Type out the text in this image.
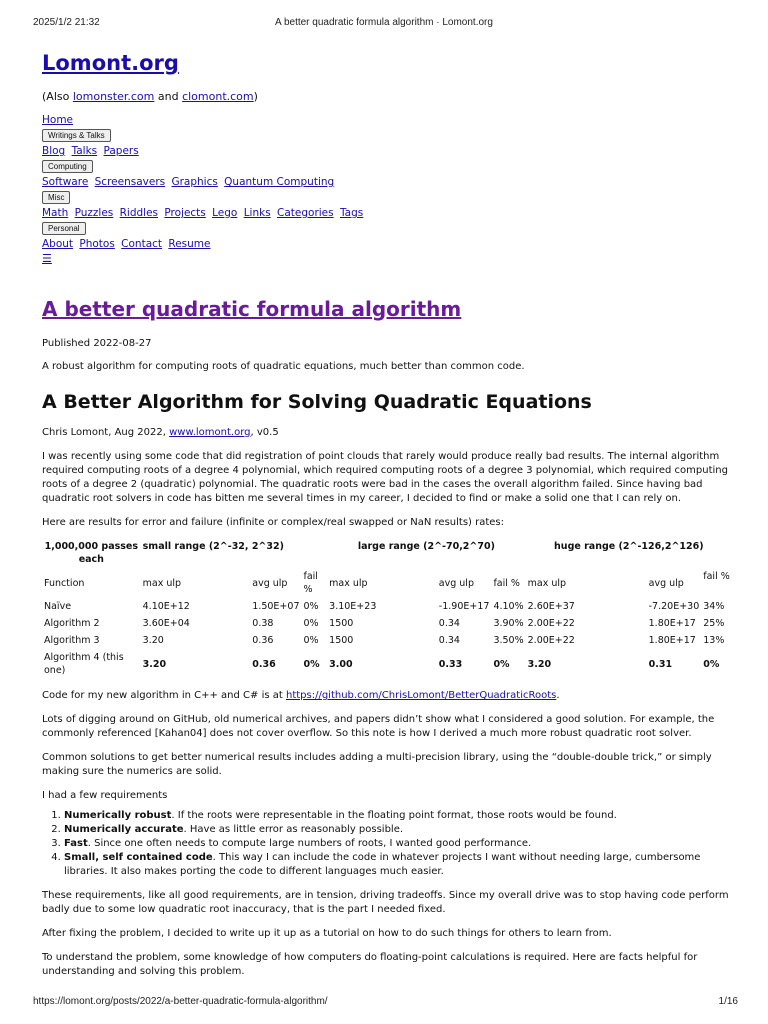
2025/1/2 21:32	A better quadratic formula algorithm · Lomont.org
Lomont.org
(Also lomonster.com and clomont.com)
Home
Writings & Talks
Blog Talks Papers
Computing
Software Screensavers Graphics Quantum Computing
Misc
Math Puzzles Riddles Projects Lego Links Categories Tags
Personal
About Photos Contact Resume
☰
A better quadratic formula algorithm
Published 2022-08-27
A robust algorithm for computing roots of quadratic equations, much better than common code.
A Better Algorithm for Solving Quadratic Equations

Chris Lomont, Aug 2022, www.lomont.org, v0.5

I was recently using some code that did registration of point clouds that rarely would produce really bad results. The internal algorithm required computing roots of a degree 4 polynomial, which required computing roots of a degree 3 polynomial, which required computing roots of a degree 2 (quadratic) polynomial. The quadratic roots were bad in the cases the overall algorithm failed. Since having bad quadratic root solvers in code has bitten me several times in my career, I decided to find or make a solid one that I can rely on.

Here are results for error and failure (infinite or complex/real swapped or NaN results) rates:

1,000,000 passes each	small range (2^-32, 2^32)			large range (2^-70,2^70)			huge range (2^-126,2^126)		
Function	max ulp	avg ulp	fail %	max ulp	avg ulp	fail %	max ulp	avg ulp	fail %
Naïve	4.10E+12	1.50E+07	0%	3.10E+23	-1.90E+17	4.10%	2.60E+37	-7.20E+30	34%
Algorithm 2	3.60E+04	0.38	0%	1500	0.34	3.90%	2.00E+22	1.80E+17	25%
Algorithm 3	3.20	0.36	0%	1500	0.34	3.50%	2.00E+22	1.80E+17	13%
Algorithm 4 (this one)	3.20	0.36	0%	3.00	0.33	0%	3.20	0.31	0%

Code for my new algorithm in C++ and C# is at https://github.com/ChrisLomont/BetterQuadraticRoots.

Lots of digging around on GitHub, old numerical archives, and papers didn’t show what I considered a good solution. For example, the commonly referenced [Kahan04] does not cover overflow. So this note is how I derived a much more robust quadratic root solver.

Common solutions to get better numerical results includes adding a multi-precision library, using the “double-double trick,” or simply making sure the numerics are solid.

I had a few requirements

1. Numerically robust. If the roots were representable in the floating point format, those roots would be found.
2. Numerically accurate. Have as little error as reasonably possible.
3. Fast. Since one often needs to compute large numbers of roots, I wanted good performance.
4. Small, self contained code. This way I can include the code in whatever projects I want without needing large, cumbersome libraries. It also makes porting the code to different languages much easier.

These requirements, like all good requirements, are in tension, driving tradeoffs. Since my overall drive was to stop having code perform badly due to some low quadratic root inaccuracy, that is the part I needed fixed.

After fixing the problem, I decided to write up it up as a tutorial on how to do such things for others to learn from.

To understand the problem, some knowledge of how computers do floating-point calculations is required. Here are facts helpful for understanding and solving this problem.

https://lomont.org/posts/2022/a-better-quadratic-formula-algorithm/	1/16
